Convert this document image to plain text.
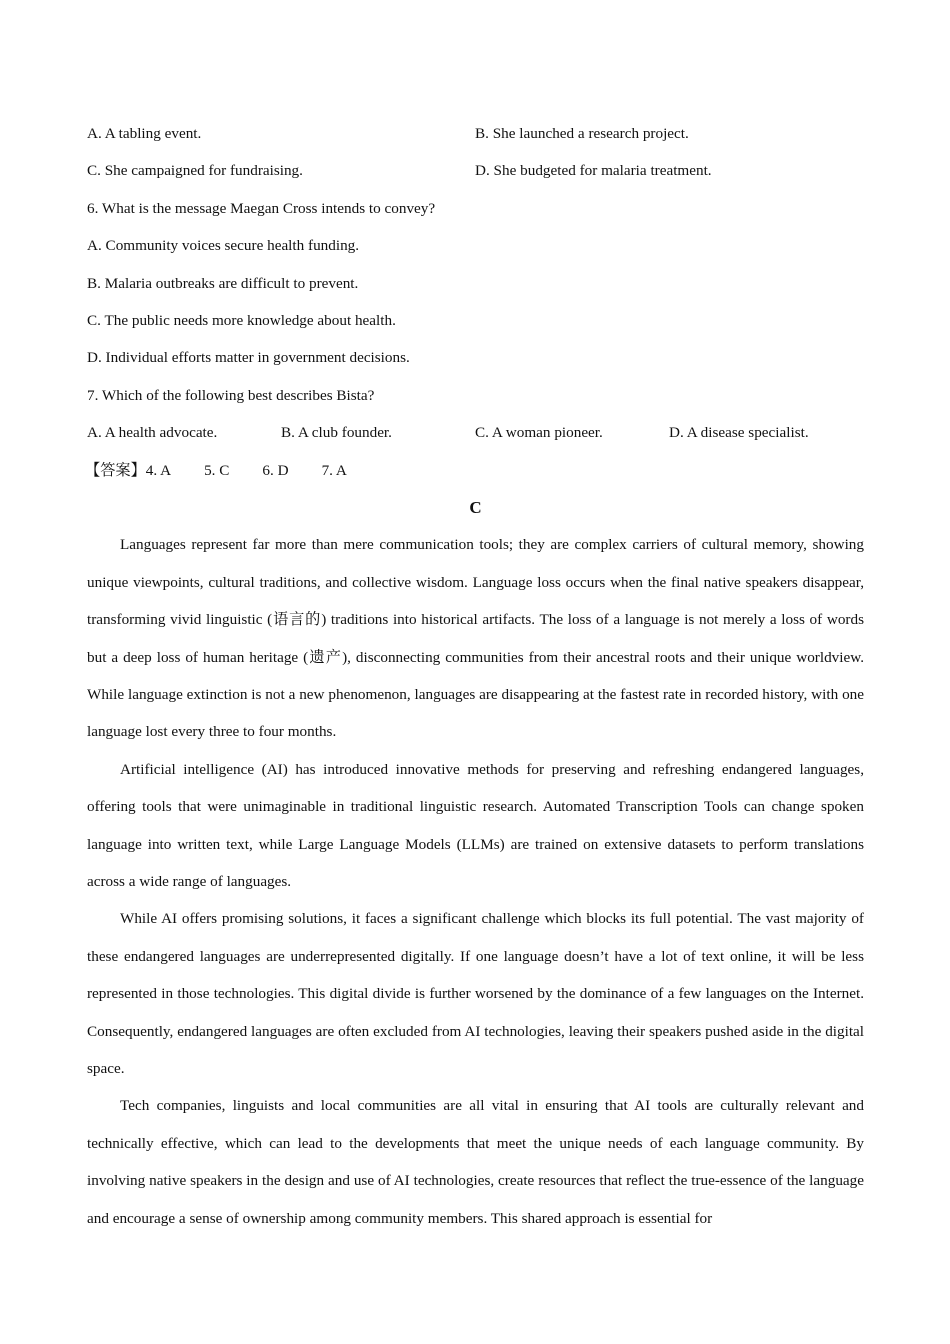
A. A tabling event.	B. She launched a research project.
C. She campaigned for fundraising.	D. She budgeted for malaria treatment.
6. What is the message Maegan Cross intends to convey?
A. Community voices secure health funding.
B. Malaria outbreaks are difficult to prevent.
C. The public needs more knowledge about health.
D. Individual efforts matter in government decisions.
7. Which of the following best describes Bista?
A. A health advocate.	B. A club founder.	C. A woman pioneer.	D. A disease specialist.
【答案】4. A 5. C 6. D 7. A
C

Languages represent far more than mere communication tools; they are complex carriers of cultural memory, showing unique viewpoints, cultural traditions, and collective wisdom. Language loss occurs when the final native speakers disappear, transforming vivid linguistic (语言的) traditions into historical artifacts. The loss of a language is not merely a loss of words but a deep loss of human heritage (遗产), disconnecting communities from their ancestral roots and their unique worldview. While language extinction is not a new phenomenon, languages are disappearing at the fastest rate in recorded history, with one language lost every three to four months.

Artificial intelligence (AI) has introduced innovative methods for preserving and refreshing endangered languages, offering tools that were unimaginable in traditional linguistic research. Automated Transcription Tools can change spoken language into written text, while Large Language Models (LLMs) are trained on extensive datasets to perform translations across a wide range of languages.

While AI offers promising solutions, it faces a significant challenge which blocks its full potential. The vast majority of these endangered languages are underrepresented digitally. If one language doesn’t have a lot of text online, it will be less represented in those technologies. This digital divide is further worsened by the dominance of a few languages on the Internet. Consequently, endangered languages are often excluded from AI technologies, leaving their speakers pushed aside in the digital space.

Tech companies, linguists and local communities are all vital in ensuring that AI tools are culturally relevant and technically effective, which can lead to the developments that meet the unique needs of each language community. By involving native speakers in the design and use of AI technologies, create resources that reflect the true-essence of the language and encourage a sense of ownership among community members. This shared approach is essential for
